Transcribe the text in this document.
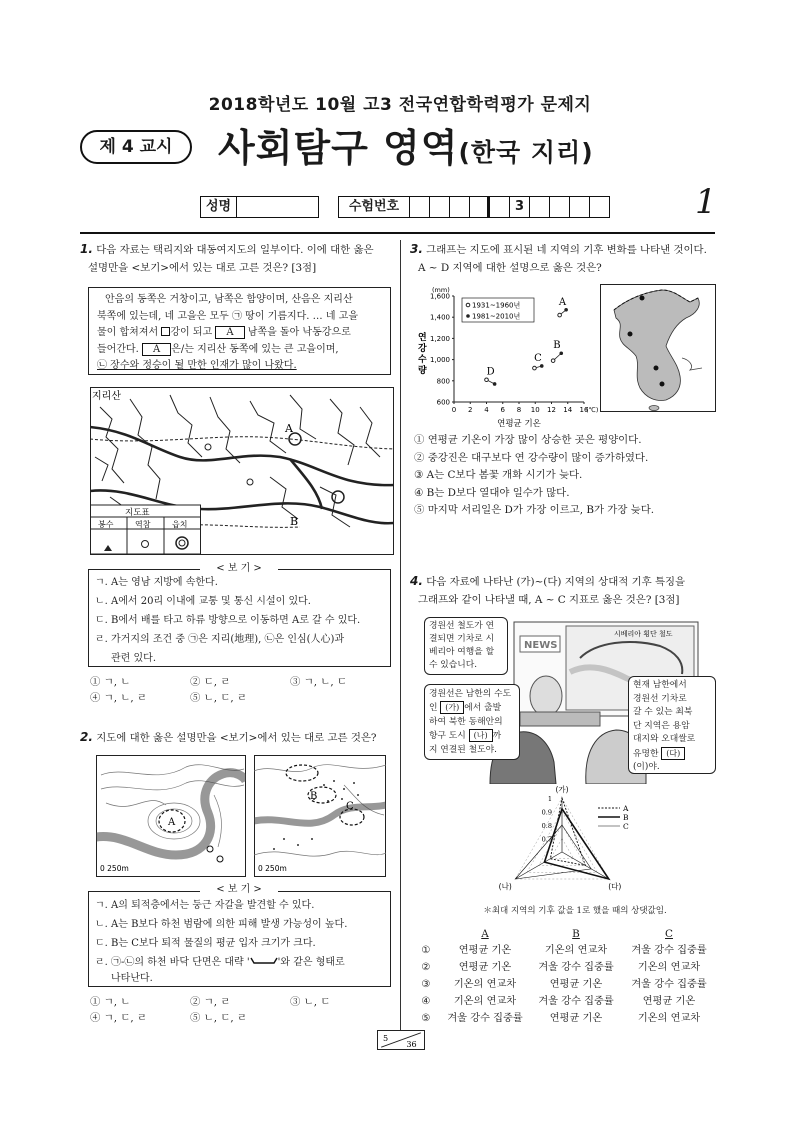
2018학년도 10월 고3 전국연합학력평가 문제지
제 4 교시	사회탐구 영역(한국 지리)
성명	수험번호	3	1
1. 다음 자료는 택리지와 대동여지도의 일부이다. 이에 대한 옳은
설명만을 <보기>에서 있는 대로 고른 것은? [3점]
안음의 동쪽은 거창이고, 남쪽은 함양이며, 산음은 지리산
북쪽에 있는데, 네 고을은 모두 ㉠ 땅이 기름지다. … 네 고을
물이 합쳐져서 강이 되고 A 남쪽을 돌아 낙동강으로
들어간다. A 은/는 지리산 동쪽에 있는 큰 고을이며,
㉡ 장수와 정승이 될 만한 인재가 많이 나왔다.
지리산
A
B
지도표
봉수	역참	읍치
ㄱ. A는 영남 지방에 속한다.
ㄴ. A에서 20리 이내에 교통 및 통신 시설이 있다.
ㄷ. B에서 배를 타고 하류 방향으로 이동하면 A로 갈 수 있다.
ㄹ. 가거지의 조건 중 ㉠은 지리(地理), ㉡은 인심(人心)과
관련 있다.
< 보 기 >
① ㄱ, ㄴ	② ㄷ, ㄹ	③ ㄱ, ㄴ, ㄷ
④ ㄱ, ㄴ, ㄹ	⑤ ㄴ, ㄷ, ㄹ
2. 지도에 대한 옳은 설명만을 <보기>에서 있는 대로 고른 것은?
A
0 250m
B
C
0 250m
ㄱ. A의 퇴적층에서는 둥근 자갈을 발견할 수 있다.
ㄴ. A는 B보다 하천 범람에 의한 피해 발생 가능성이 높다.
ㄷ. B는 C보다 퇴적 물질의 평균 입자 크기가 크다.
ㄹ. ㉠-㉡의 하천 바닥 단면은 대략 '	'와 같은 형태로
나타난다.
< 보 기 >
① ㄱ, ㄴ	② ㄱ, ㄹ	③ ㄴ, ㄷ
④ ㄱ, ㄷ, ㄹ	⑤ ㄴ, ㄷ, ㄹ
3. 그래프는 지도에 표시된 네 지역의 기후 변화를 나타낸 것이다.
A ~ D 지역에 대한 설명으로 옳은 것은?
(mm)
600
800
1,000
1,200
1,400
1,600
0 2 4 6 8 10 12 14 16
(℃)
연평균 기온
연
강
수
량
1931~1960년
1981~2010년
A
B
C
D
① 연평균 기온이 가장 많이 상승한 곳은 평양이다.
② 중강진은 대구보다 연 강수량이 많이 증가하였다.
③ A는 C보다 봄꽃 개화 시기가 늦다.
④ B는 D보다 열대야 일수가 많다.
⑤ 마지막 서리일은 D가 가장 이르고, B가 가장 늦다.
4. 다음 자료에 나타난 (가)~(다) 지역의 상대적 기후 특징을
그래프와 같이 나타낼 때, A ~ C 지표로 옳은 것은? [3점]
시베리아 횡단 철도
NEWS
경원선 철도가 연
결되면 기차로 시
베리아 여행을 할
수 있습니다.
경원선은 남한의 수도
인 (가) 에서 출발
하여 북한 동해안의
항구 도시 (나) 까
지 연결된 철도야.
현재 남한에서
경원선 기차로
갈 수 있는 최북
단 지역은 용암
대지와 오대쌀로
유명한 (다)
(이)야.
0.7
0.8
0.9
1
(가)
(다)
(나)
A
B
C
＊최대 지역의 기후 값을 1로 했을 때의 상댓값임.
A	B	C
①	연평균 기온	기온의 연교차	겨울 강수 집중률
②	연평균 기온	겨울 강수 집중률	기온의 연교차
③	기온의 연교차	연평균 기온	겨울 강수 집중률
④	기온의 연교차	겨울 강수 집중률	연평균 기온
⑤	겨울 강수 집중률	연평균 기온	기온의 연교차
5
36
